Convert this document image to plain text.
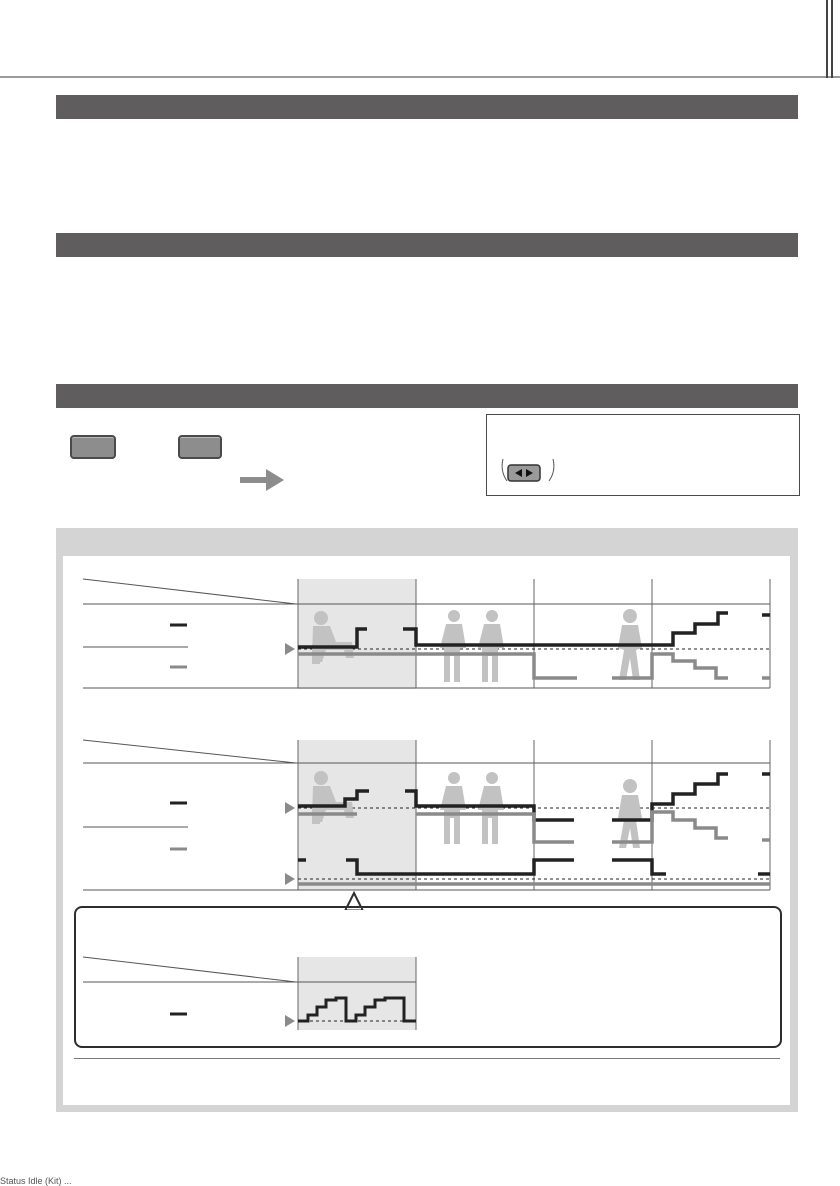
Status Idle (Kit) ...
